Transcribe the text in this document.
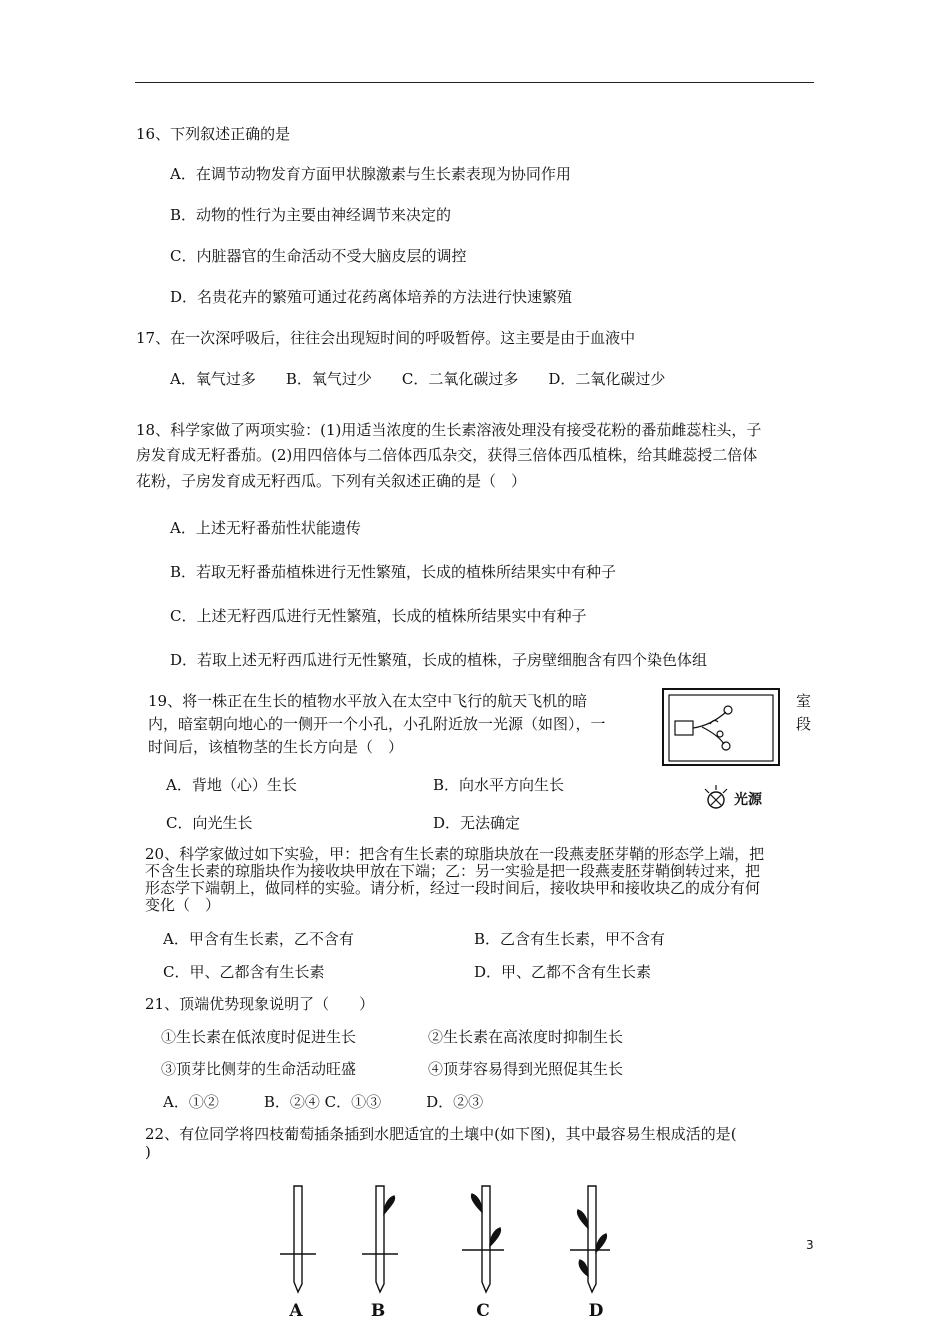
16、下列叙述正确的是
A．在调节动物发育方面甲状腺激素与生长素表现为协同作用
B．动物的性行为主要由神经调节来决定的
C．内脏器官的生命活动不受大脑皮层的调控
D．名贵花卉的繁殖可通过花药离体培养的方法进行快速繁殖
17、在一次深呼吸后，往往会出现短时间的呼吸暂停。这主要是由于血液中
A．氧气过多　　B．氧气过少　　C．二氧化碳过多　　D．二氧化碳过少
18、科学家做了两项实验：(1)用适当浓度的生长素溶液处理没有接受花粉的番茄雌蕊柱头，子
房发育成无籽番茄。(2)用四倍体与二倍体西瓜杂交，获得三倍体西瓜植株，给其雌蕊授二倍体
花粉，子房发育成无籽西瓜。下列有关叙述正确的是（　）
A．上述无籽番茄性状能遗传
B．若取无籽番茄植株进行无性繁殖，长成的植株所结果实中有种子
C．上述无籽西瓜进行无性繁殖，长成的植株所结果实中有种子
D．若取上述无籽西瓜进行无性繁殖，长成的植株，子房壁细胞含有四个染色体组
19、将一株正在生长的植物水平放入在太空中飞行的航天飞机的暗	室
内，暗室朝向地心的一侧开一个小孔，小孔附近放一光源（如图），一	段
时间后，该植物茎的生长方向是（　）
A．背地（心）生长	B．向水平方向生长
C．向光生长	D．无法确定
光源
20、科学家做过如下实验，甲：把含有生长素的琼脂块放在一段燕麦胚芽鞘的形态学上端，把
不含生长素的琼脂块作为接收块甲放在下端；乙：另一实验是把一段燕麦胚芽鞘倒转过来，把
形态学下端朝上，做同样的实验。请分析，经过一段时间后，接收块甲和接收块乙的成分有何
变化（　）
A．甲含有生长素，乙不含有	B．乙含有生长素，甲不含有
C．甲、乙都含有生长素	D．甲、乙都不含有生长素
21、顶端优势现象说明了（　　）
①生长素在低浓度时促进生长	②生长素在高浓度时抑制生长
③顶芽比侧芽的生命活动旺盛	④顶芽容易得到光照促其生长
A．①②　　　B．②④ C．①③　　　D．②③
22、有位同学将四枝葡萄插条插到水肥适宜的土壤中(如下图)，其中最容易生根成活的是(
)
A	B	C	D
3
